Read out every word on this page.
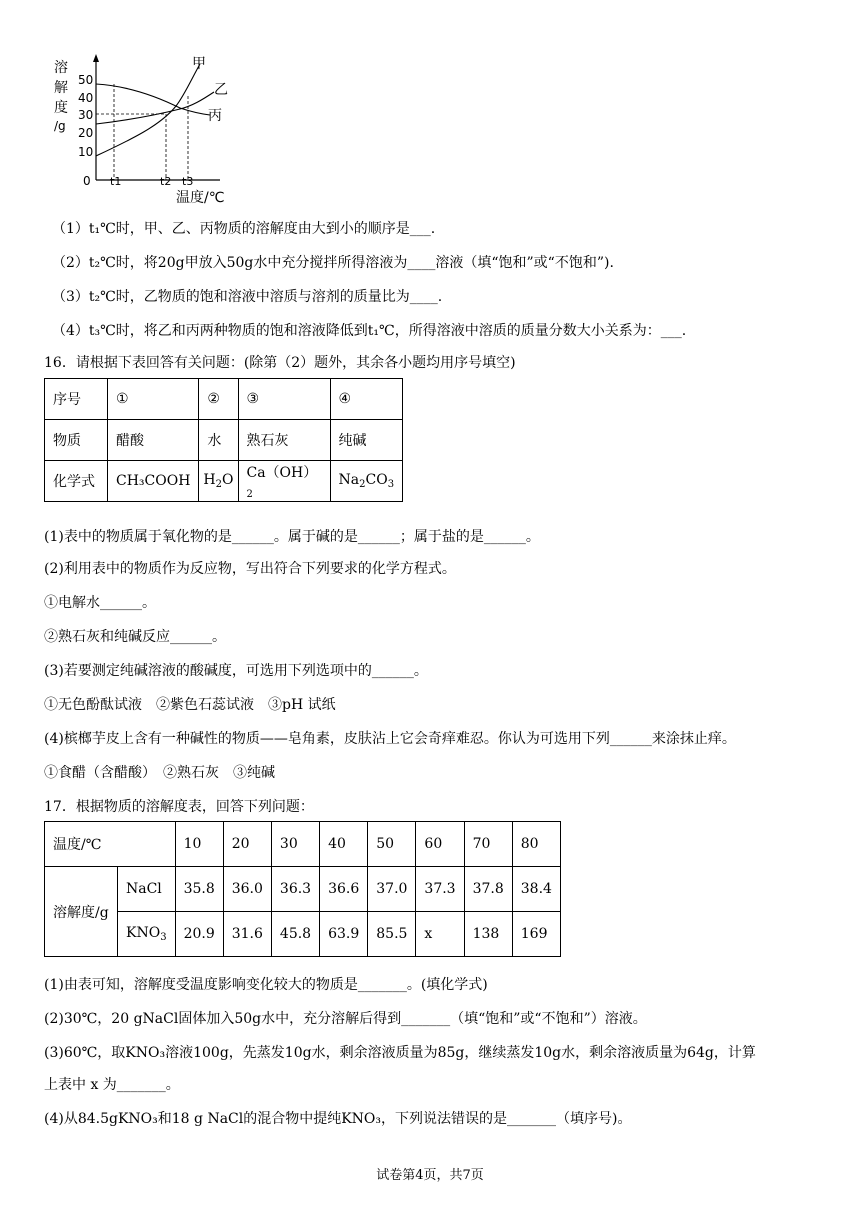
溶
解
度
/g
50
40
30
20
10
0
甲
乙
丙
t1	t2 t3
温度/℃
（1）t₁℃时，甲、乙、丙物质的溶解度由大到小的顺序是___.
（2）t₂℃时，将20g甲放入50g水中充分搅拌所得溶液为____溶液（填“饱和”或“不饱和”).
（3）t₂℃时，乙物质的饱和溶液中溶质与溶剂的质量比为____.
（4）t₃℃时，将乙和丙两种物质的饱和溶液降低到t₁℃，所得溶液中溶质的质量分数大小关系为：___.
16．请根据下表回答有关问题：(除第（2）题外，其余各小题均用序号填空)
序号	①	②	③	④
物质	醋酸	水	熟石灰	纯碱
化学式	CH₃COOH	$H_2O$	$Ca(OH)_2$	$Na_2CO_3$
(1)表中的物质属于氧化物的是______。属于碱的是______；属于盐的是______。
(2)利用表中的物质作为反应物，写出符合下列要求的化学方程式。
①电解水______。
②熟石灰和纯碱反应______。
(3)若要测定纯碱溶液的酸碱度，可选用下列选项中的______。
①无色酚酞试液　②紫色石蕊试液　③pH 试纸
(4)槟榔芋皮上含有一种碱性的物质——皂角素，皮肤沾上它会奇痒难忍。你认为可选用下列______来涂抹止痒。
①食醋（含醋酸）　②熟石灰　③纯碱
17．根据物质的溶解度表，回答下列问题：
温度/℃		10	20	30	40	50	60	70	80
溶解度/g	NaCl	35.8	36.0	36.3	36.6	37.0	37.3	37.8	38.4
	$KNO_3$	20.9	31.6	45.8	63.9	85.5	x	138	169
(1)由表可知，溶解度受温度影响变化较大的物质是_______。(填化学式)
(2)30℃，20 gNaCl固体加入50g水中，充分溶解后得到_______（填“饱和”或“不饱和”）溶液。
(3)60℃，取KNO₃溶液100g，先蒸发10g水，剩余溶液质量为85g，继续蒸发10g水，剩余溶液质量为64g，计算
上表中 x 为_______。
(4)从84.5gKNO₃和18 g NaCl的混合物中提纯KNO₃，下列说法错误的是_______（填序号)。
试卷第4页，共7页
